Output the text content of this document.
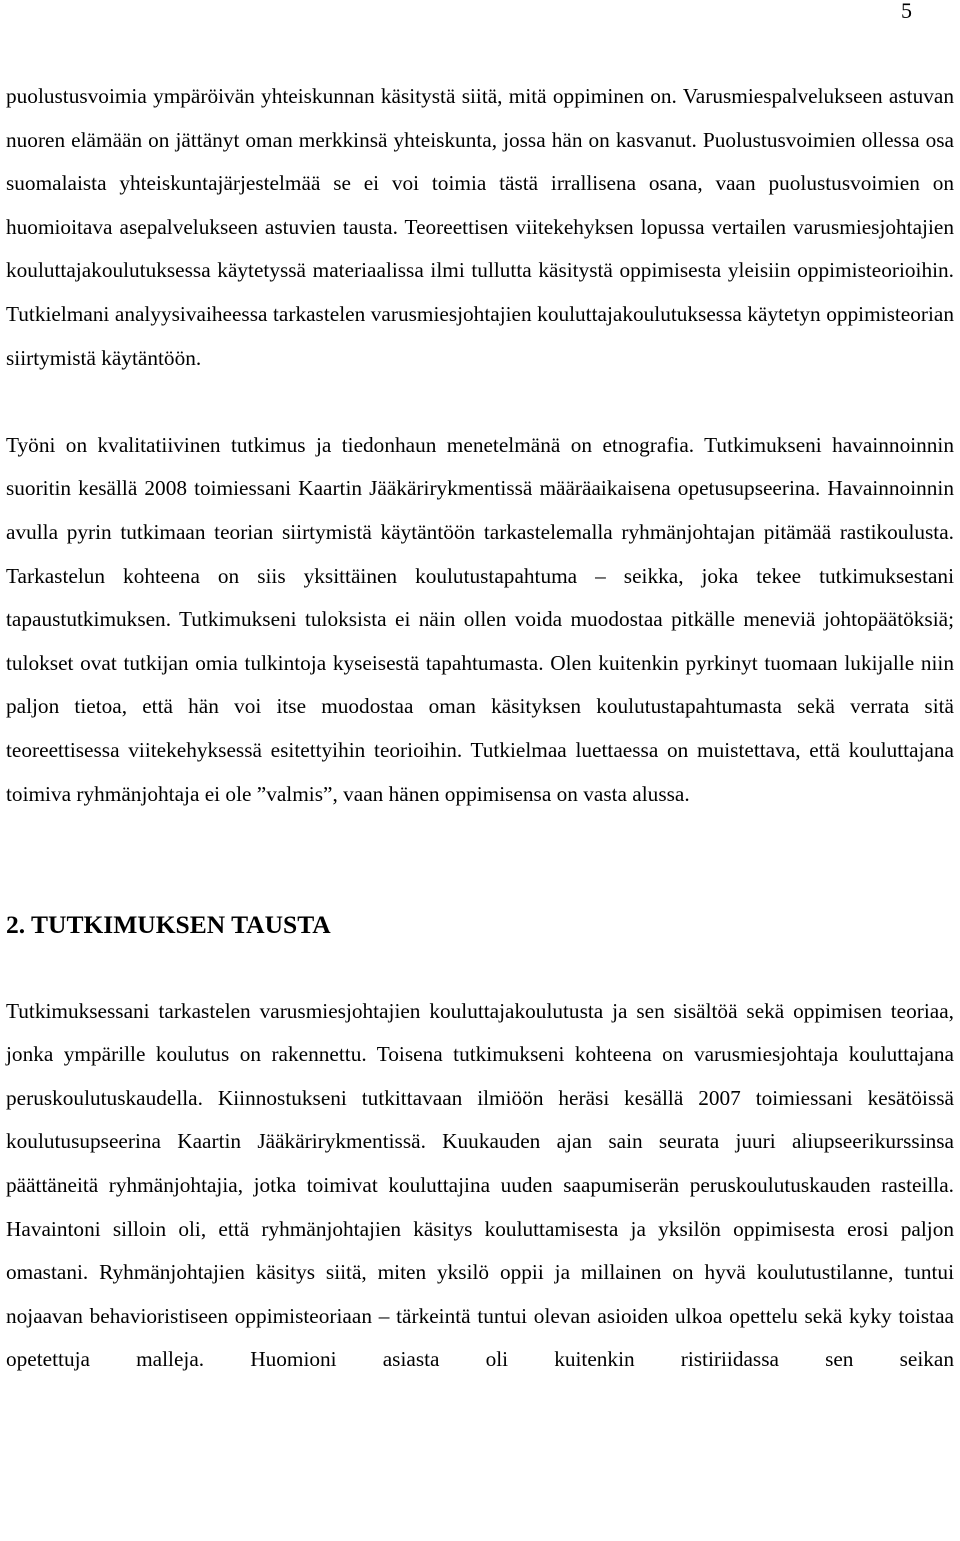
5

puolustusvoimia ympäröivän yhteiskunnan käsitystä siitä, mitä oppiminen on. Varusmiespalvelukseen astuvan nuoren elämään on jättänyt oman merkkinsä yhteiskunta, jossa hän on kasvanut. Puolustusvoimien ollessa osa suomalaista yhteiskuntajärjestelmää se ei voi toimia tästä irrallisena osana, vaan puolustusvoimien on huomioitava asepalvelukseen astuvien tausta. Teoreettisen viitekehyksen lopussa vertailen varusmiesjohtajien kouluttajakoulutuksessa käytetyssä materiaalissa ilmi tullutta käsitystä oppimisesta yleisiin oppimisteorioihin. Tutkielmani analyysivaiheessa tarkastelen varusmiesjohtajien kouluttajakoulutuksessa käytetyn oppimisteorian siirtymistä käytäntöön.

Työni on kvalitatiivinen tutkimus ja tiedonhaun menetelmänä on etnografia. Tutkimukseni havainnoinnin suoritin kesällä 2008 toimiessani Kaartin Jääkärirykmentissä määräaikaisena opetusupseerina. Havainnoinnin avulla pyrin tutkimaan teorian siirtymistä käytäntöön tarkastelemalla ryhmänjohtajan pitämää rastikoulusta. Tarkastelun kohteena on siis yksittäinen koulutustapahtuma – seikka, joka tekee tutkimuksestani tapaustutkimuksen. Tutkimukseni tuloksista ei näin ollen voida muodostaa pitkälle meneviä johtopäätöksiä; tulokset ovat tutkijan omia tulkintoja kyseisestä tapahtumasta. Olen kuitenkin pyrkinyt tuomaan lukijalle niin paljon tietoa, että hän voi itse muodostaa oman käsityksen koulutustapahtumasta sekä verrata sitä teoreettisessa viitekehyksessä esitettyihin teorioihin. Tutkielmaa luettaessa on muistettava, että kouluttajana toimiva ryhmänjohtaja ei ole ”valmis”, vaan hänen oppimisensa on vasta alussa.

2. TUTKIMUKSEN TAUSTA

Tutkimuksessani tarkastelen varusmiesjohtajien kouluttajakoulutusta ja sen sisältöä sekä oppimisen teoriaa, jonka ympärille koulutus on rakennettu. Toisena tutkimukseni kohteena on varusmiesjohtaja kouluttajana peruskoulutuskaudella. Kiinnostukseni tutkittavaan ilmiöön heräsi kesällä 2007 toimiessani kesätöissä koulutusupseerina Kaartin Jääkärirykmentissä. Kuukauden ajan sain seurata juuri aliupseerikurssinsa päättäneitä ryhmänjohtajia, jotka toimivat kouluttajina uuden saapumiserän peruskoulutuskauden rasteilla. Havaintoni silloin oli, että ryhmänjohtajien käsitys kouluttamisesta ja yksilön oppimisesta erosi paljon omastani. Ryhmänjohtajien käsitys siitä, miten yksilö oppii ja millainen on hyvä koulutustilanne, tuntui nojaavan behavioristiseen oppimisteoriaan – tärkeintä tuntui olevan asioiden ulkoa opettelu sekä kyky toistaa opetettuja malleja. Huomioni asiasta oli kuitenkin ristiriidassa sen seikan
